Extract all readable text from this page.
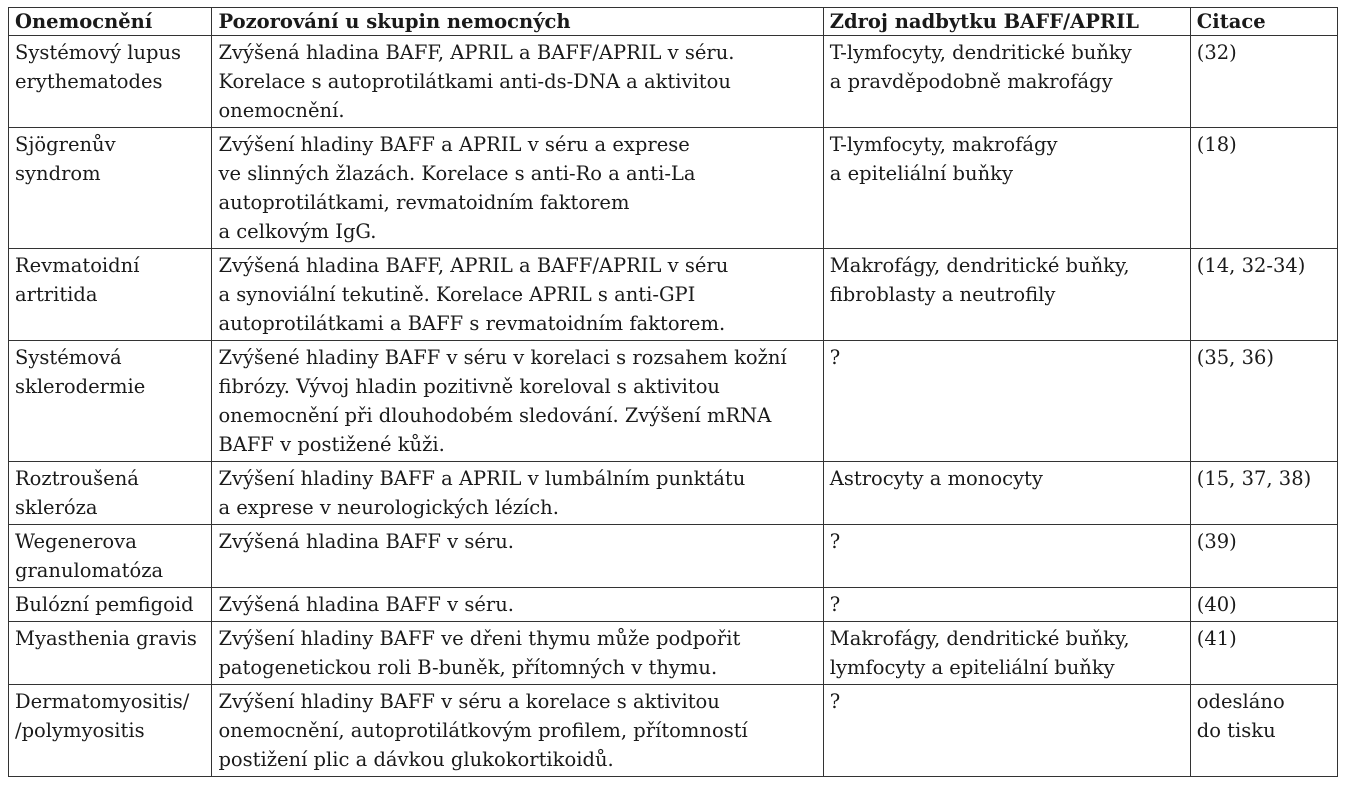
Onemocnění	Pozorování u skupin nemocných	Zdroj nadbytku BAFF/APRIL	Citace

Systémový lupus
erythematodes	Zvýšená hladina BAFF, APRIL a BAFF/APRIL v séru.
Korelace s autoprotilátkami anti-ds-DNA a aktivitou
onemocnění.	T-lymfocyty, dendritické buňky
a pravděpodobně makrofágy	(32)

Sjögrenův
syndrom	Zvýšení hladiny BAFF a APRIL v séru a exprese
ve slinných žlazách. Korelace s anti-Ro a anti-La
autoprotilátkami, revmatoidním faktorem
a celkovým IgG.	T-lymfocyty, makrofágy
a epiteliální buňky	(18)

Revmatoidní
artritida	Zvýšená hladina BAFF, APRIL a BAFF/APRIL v séru
a synoviální tekutině. Korelace APRIL s anti-GPI
autoprotilátkami a BAFF s revmatoidním faktorem.	Makrofágy, dendritické buňky,
fibroblasty a neutrofily	(14, 32-34)

Systémová
sklerodermie	Zvýšené hladiny BAFF v séru v korelaci s rozsahem kožní
fibrózy. Vývoj hladin pozitivně koreloval s aktivitou
onemocnění při dlouhodobém sledování. Zvýšení mRNA
BAFF v postižené kůži.	?	(35, 36)

Roztroušená
skleróza	Zvýšení hladiny BAFF a APRIL v lumbálním punktátu
a exprese v neurologických lézích.	Astrocyty a monocyty	(15, 37, 38)

Wegenerova
granulomatóza	Zvýšená hladina BAFF v séru.	?	(39)

Bulózní pemfigoid	Zvýšená hladina BAFF v séru.	?	(40)

Myasthenia gravis	Zvýšení hladiny BAFF ve dřeni thymu může podpořit
patogenetickou roli B-buněk, přítomných v thymu.	Makrofágy, dendritické buňky,
lymfocyty a epiteliální buňky	(41)

Dermatomyositis/
/polymyositis	Zvýšení hladiny BAFF v séru a korelace s aktivitou
onemocnění, autoprotilátkovým profilem, přítomností
postižení plic a dávkou glukokortikoidů.	?	odesláno
do tisku
